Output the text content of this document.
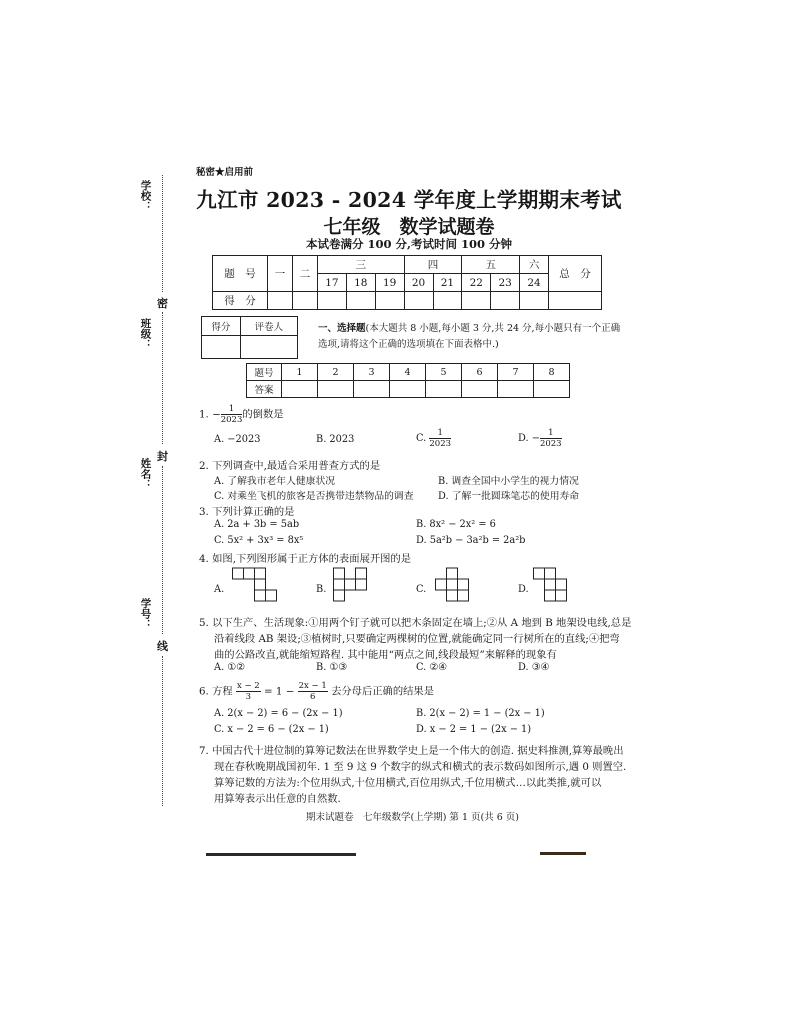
学校：
班级：
姓名：
学号：
密
封
线
秘密★启用前
九江市 2023 - 2024 学年度上学期期末考试
七年级　数学试题卷
本试卷满分 100 分,考试时间 100 分钟
题　号	一	二	三			四		五		六	总　分
			17	18	19	20	21	22	23	24	
得　分											
得分	评卷人
		一、选择题(本大题共 8 小题,每小题 3 分,共 24 分,每小题只有一个正确选项,请将这个正确的选项填在下面表格中.)
题号	1	2	3	4	5	6	7	8
答案								
1. − $\frac{1}{2023}$ 的倒数是
A. −2023	B. 2023	C. $\frac{1}{2023}$	D. − $\frac{1}{2023}$
2. 下列调查中,最适合采用普查方式的是
A. 了解我市老年人健康状况	B. 调查全国中小学生的视力情况
C. 对乘坐飞机的旅客是否携带违禁物品的调查 D. 了解一批圆珠笔芯的使用寿命
3. 下列计算正确的是
A. 2a + 3b = 5ab	B. 8x² − 2x² = 6
C. 5x² + 3x³ = 8x⁵	D. 5a²b − 3a²b = 2a²b
4. 如图,下列图形属于正方体的表面展开图的是
A.	B.	C.	D.
5. 以下生产、生活现象:①用两个钉子就可以把木条固定在墙上;②从 A 地到 B 地架设电线,总是
沿着线段 AB 架设;③植树时,只要确定两棵树的位置,就能确定同一行树所在的直线;④把弯
曲的公路改直,就能缩短路程. 其中能用“两点之间,线段最短”来解释的现象有
A. ①②	B. ①③	C. ②④	D. ③④
6. 方程 $\frac{x - 2}{3} = 1 - \frac{2x - 1}{6}$ 去分母后正确的结果是
A. 2(x − 2) = 6 − (2x − 1)	B. 2(x − 2) = 1 − (2x − 1)
C. x − 2 = 6 − (2x − 1)	D. x − 2 = 1 − (2x − 1)
7. 中国古代十进位制的算筹记数法在世界数学史上是一个伟大的创造. 据史料推测,算筹最晚出
现在春秋晚期战国初年. 1 至 9 这 9 个数字的纵式和横式的表示数码如图所示,遇 0 则置空.
算筹记数的方法为:个位用纵式,十位用横式,百位用纵式,千位用横式…以此类推,就可以
用算筹表示出任意的自然数.
期末试题卷　七年级数学(上学期) 第 1 页(共 6 页)
